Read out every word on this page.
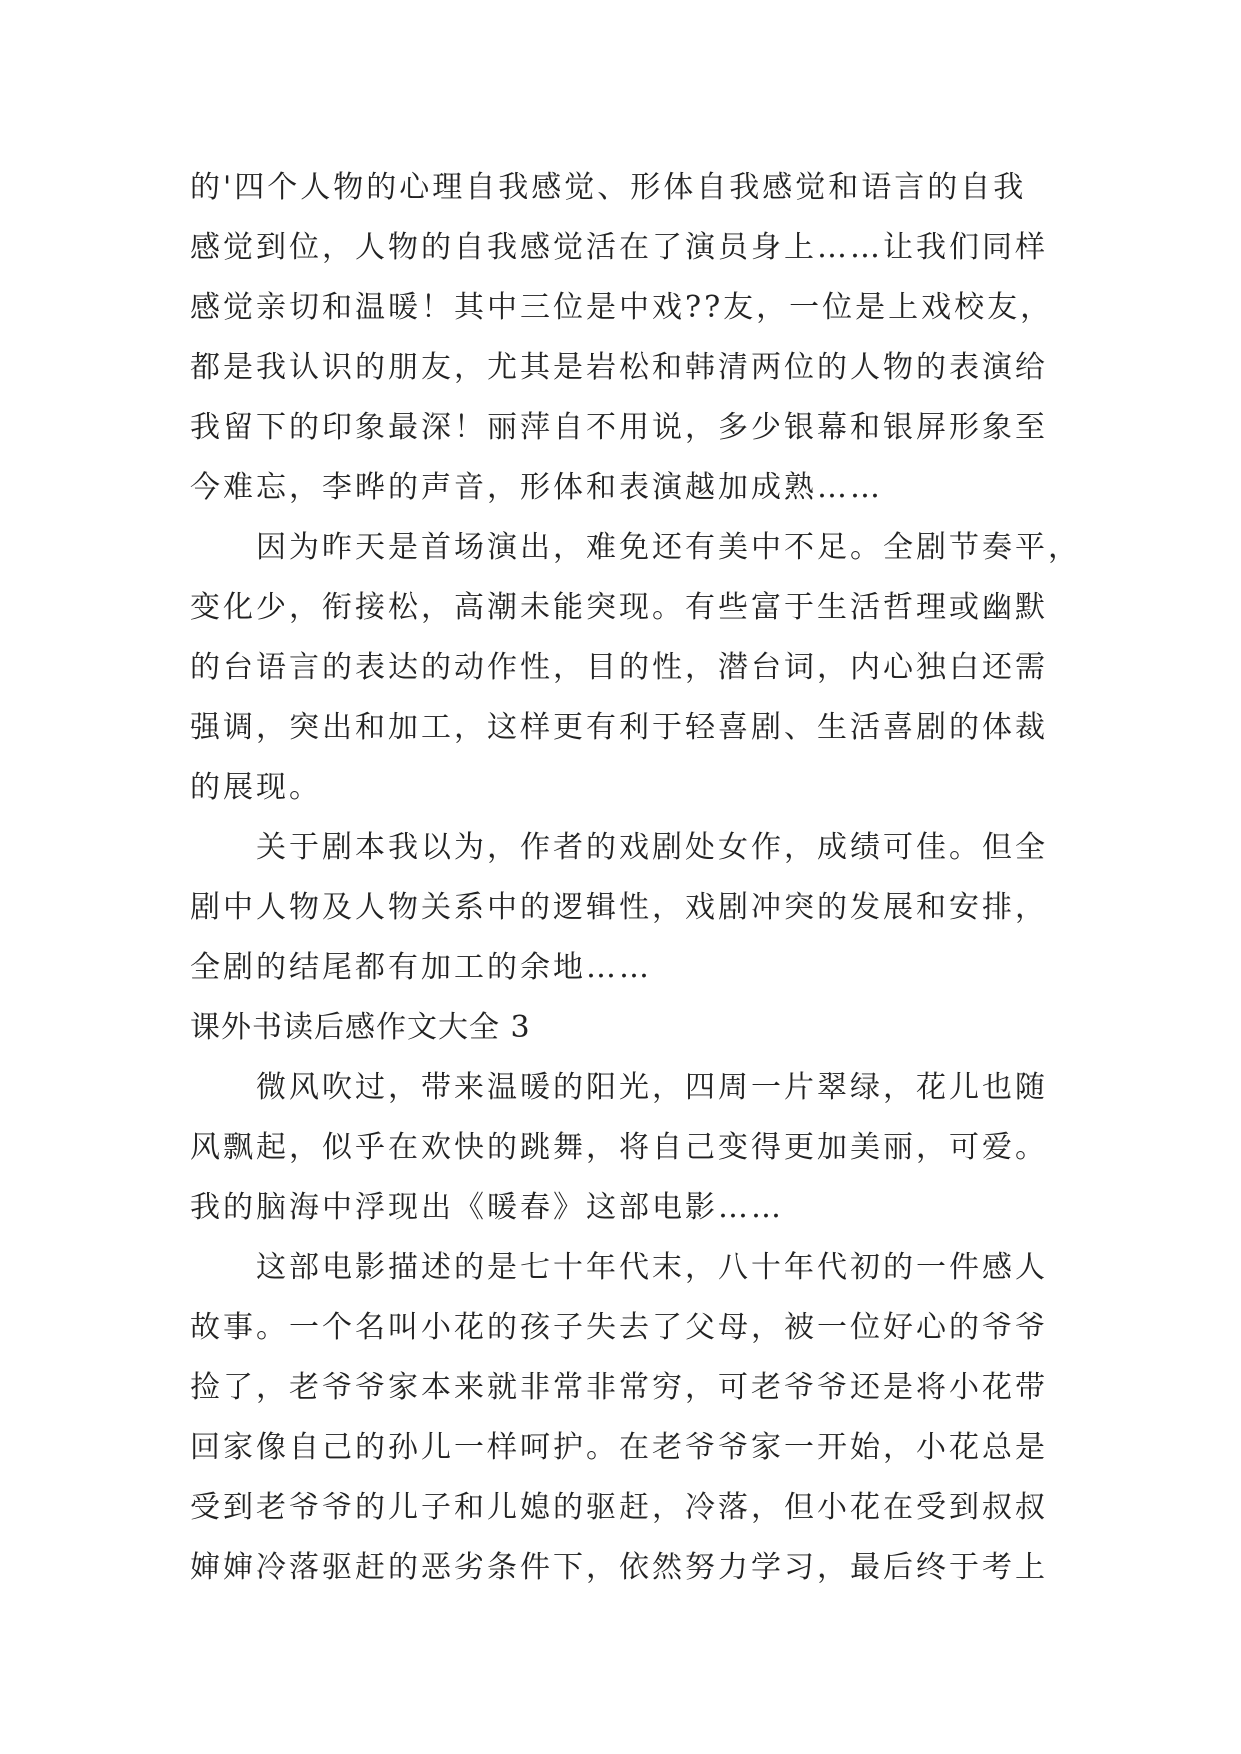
的'四个人物的心理自我感觉、形体自我感觉和语言的自我
感觉到位，人物的自我感觉活在了演员身上……让我们同样
感觉亲切和温暖！其中三位是中戏??友，一位是上戏校友，
都是我认识的朋友，尤其是岩松和韩清两位的人物的表演给
我留下的印象最深！丽萍自不用说，多少银幕和银屏形象至
今难忘，李晔的声音，形体和表演越加成熟……
因为昨天是首场演出，难免还有美中不足。全剧节奏平，
变化少，衔接松，高潮未能突现。有些富于生活哲理或幽默
的台语言的表达的动作性，目的性，潜台词，内心独白还需
强调，突出和加工，这样更有利于轻喜剧、生活喜剧的体裁
的展现。
关于剧本我以为，作者的戏剧处女作，成绩可佳。但全
剧中人物及人物关系中的逻辑性，戏剧冲突的发展和安排，
全剧的结尾都有加工的余地……
课外书读后感作文大全 3
微风吹过，带来温暖的阳光，四周一片翠绿，花儿也随
风飘起，似乎在欢快的跳舞，将自己变得更加美丽，可爱。
我的脑海中浮现出《暖春》这部电影……
这部电影描述的是七十年代末，八十年代初的一件感人
故事。一个名叫小花的孩子失去了父母，被一位好心的爷爷
捡了，老爷爷家本来就非常非常穷，可老爷爷还是将小花带
回家像自己的孙儿一样呵护。在老爷爷家一开始，小花总是
受到老爷爷的儿子和儿媳的驱赶，冷落，但小花在受到叔叔
婶婶冷落驱赶的恶劣条件下，依然努力学习，最后终于考上
